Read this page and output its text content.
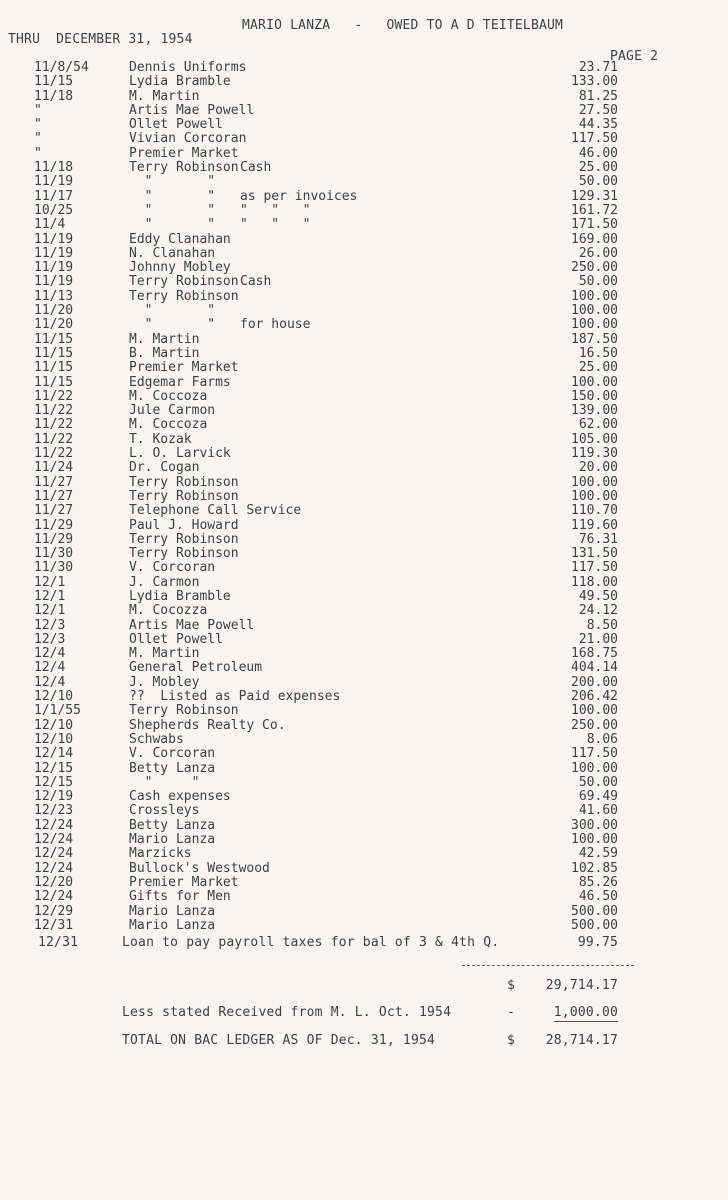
MARIO LANZA   -   OWED TO A D TEITELBAUM
THRU  DECEMBER 31, 1954
PAGE 2
11/8/54	Dennis Uniforms	23.71
11/15	Lydia Bramble	133.00
11/18	M. Martin	81.25
"	Artis Mae Powell	27.50
"	Ollet Powell	44.35
"	Vivian Corcoran	117.50
"	Premier Market	46.00
11/18	Terry Robinson Cash	25.00
11/19	"       "	50.00
11/17	"       " as per invoices	129.31
10/25	"       " "   "   "	161.72
11/4	"       " "   "   "	171.50
11/19	Eddy Clanahan	169.00
11/19	N. Clanahan	26.00
11/19	Johnny Mobley	250.00
11/19	Terry Robinson Cash	50.00
11/13	Terry Robinson	100.00
11/20	"       "	100.00
11/20	"       " for house	100.00
11/15	M. Martin	187.50
11/15	B. Martin	16.50
11/15	Premier Market	25.00
11/15	Edgemar Farms	100.00
11/22	M. Coccoza	150.00
11/22	Jule Carmon	139.00
11/22	M. Coccoza	62.00
11/22	T. Kozak	105.00
11/22	L. O. Larvick	119.30
11/24	Dr. Cogan	20.00
11/27	Terry Robinson	100.00
11/27	Terry Robinson	100.00
11/27	Telephone Call Service	110.70
11/29	Paul J. Howard	119.60
11/29	Terry Robinson	76.31
11/30	Terry Robinson	131.50
11/30	V. Corcoran	117.50
12/1	J. Carmon	118.00
12/1	Lydia Bramble	49.50
12/1	M. Cocozza	24.12
12/3	Artis Mae Powell	8.50
12/3	Ollet Powell	21.00
12/4	M. Martin	168.75
12/4	General Petroleum	404.14
12/4	J. Mobley	200.00
12/10	??  Listed as Paid expenses	206.42
1/1/55	Terry Robinson	100.00
12/10	Shepherds Realty Co.	250.00
12/10	Schwabs	8.06
12/14	V. Corcoran	117.50
12/15	Betty Lanza	100.00
12/15	"     "	50.00
12/19	Cash expenses	69.49
12/23	Crossleys	41.60
12/24	Betty Lanza	300.00
12/24	Mario Lanza	100.00
12/24	Marzicks	42.59
12/24	Bullock's Westwood	102.85
12/20	Premier Market	85.26
12/24	Gifts for Men	46.50
12/29	Mario Lanza	500.00
12/31	Mario Lanza	500.00
12/31	Loan to pay payroll taxes for bal of 3 & 4th Q.	99.75
$ 29,714.17
Less stated Received from M. L. Oct. 1954	-	1,000.00
TOTAL ON BAC LEDGER AS OF Dec. 31, 1954	$ 28,714.17
